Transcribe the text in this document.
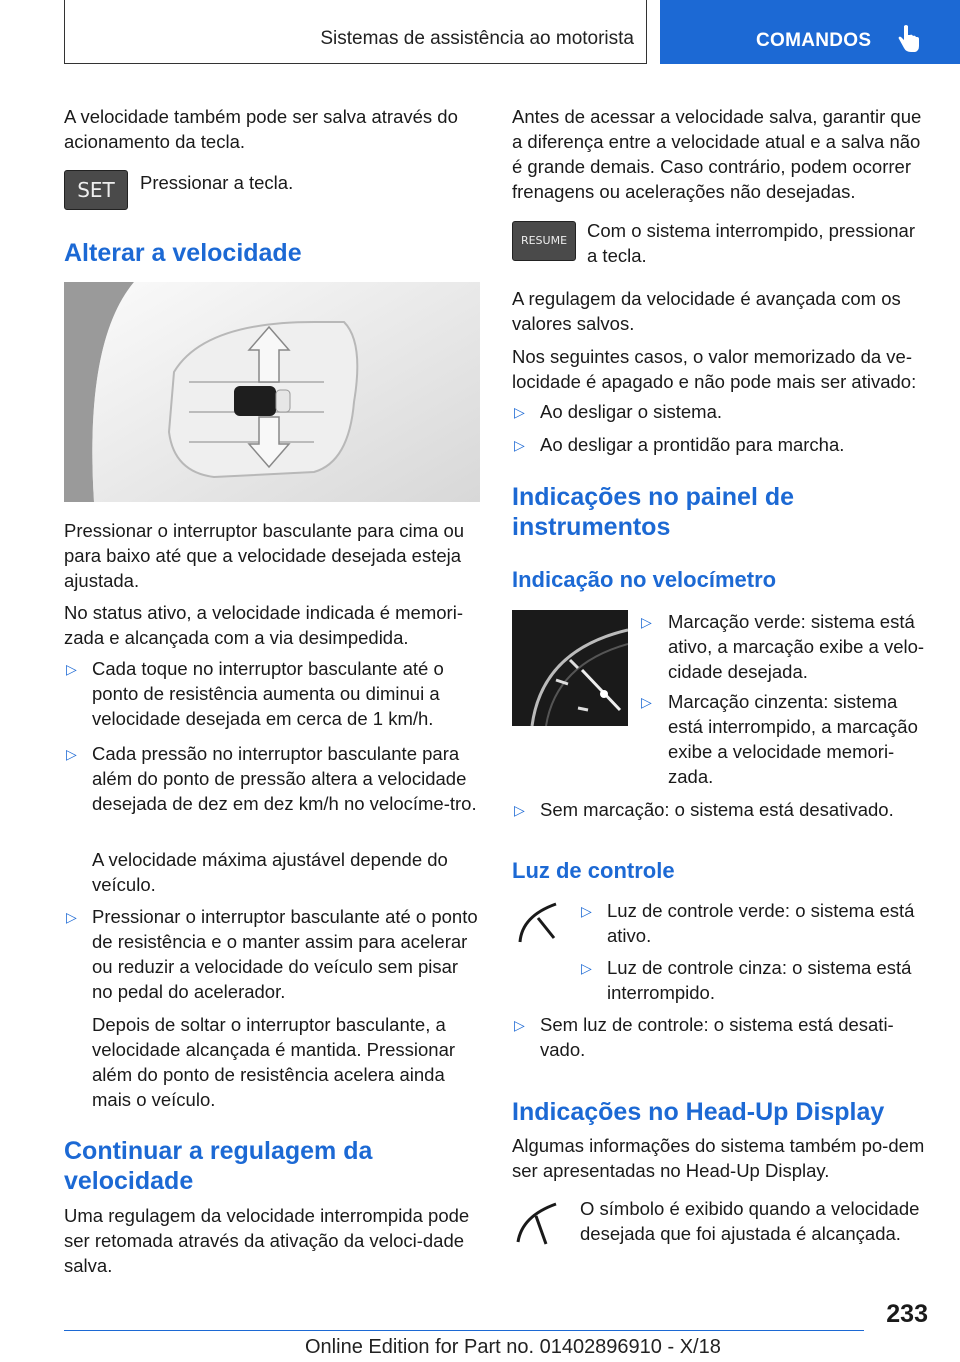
Sistemas de assistência ao motorista	COMANDOS

A velocidade também pode ser salva através do acionamento da tecla.

SET	Pressionar a tecla.
Alterar a velocidade
Pressionar o interruptor basculante para cima ou para baixo até que a velocidade desejada esteja ajustada.
No status ativo, a velocidade indicada é memori-zada e alcançada com a via desimpedida.
▷ Cada toque no interruptor basculante até o ponto de resistência aumenta ou diminui a velocidade desejada em cerca de 1 km/h.
▷ Cada pressão no interruptor basculante para além do ponto de pressão altera a velocidade desejada de dez em dez km/h no velocíme-tro.
A velocidade máxima ajustável depende do veículo.
▷ Pressionar o interruptor basculante até o ponto de resistência e o manter assim para acelerar ou reduzir a velocidade do veículo sem pisar no pedal do acelerador.
Depois de soltar o interruptor basculante, a velocidade alcançada é mantida. Pressionar além do ponto de resistência acelera ainda mais o veículo.
Continuar a regulagem da velocidade
Uma regulagem da velocidade interrompida pode ser retomada através da ativação da veloci-dade salva.
Antes de acessar a velocidade salva, garantir que a diferença entre a velocidade atual e a salva não é grande demais. Caso contrário, podem ocorrer frenagens ou acelerações não desejadas.
RESUME	Com o sistema interrompido, pressionar a tecla.
A regulagem da velocidade é avançada com os valores salvos.
Nos seguintes casos, o valor memorizado da ve-locidade é apagado e não pode mais ser ativado:
▷ Ao desligar o sistema.
▷ Ao desligar a prontidão para marcha.
Indicações no painel de instrumentos
Indicação no velocímetro
▷ Marcação verde: sistema está ativo, a marcação exibe a velo-cidade desejada.
▷ Marcação cinzenta: sistema está interrompido, a marcação exibe a velocidade memori-zada.
▷ Sem marcação: o sistema está desativado.
Luz de controle
▷ Luz de controle verde: o sistema está ativo.
▷ Luz de controle cinza: o sistema está interrompido.
▷ Sem luz de controle: o sistema está desati-vado.
Indicações no Head-Up Display
Algumas informações do sistema também po-dem ser apresentadas no Head-Up Display.
O símbolo é exibido quando a velocidade desejada que foi ajustada é alcançada.
233
Online Edition for Part no. 01402896910 - X/18
